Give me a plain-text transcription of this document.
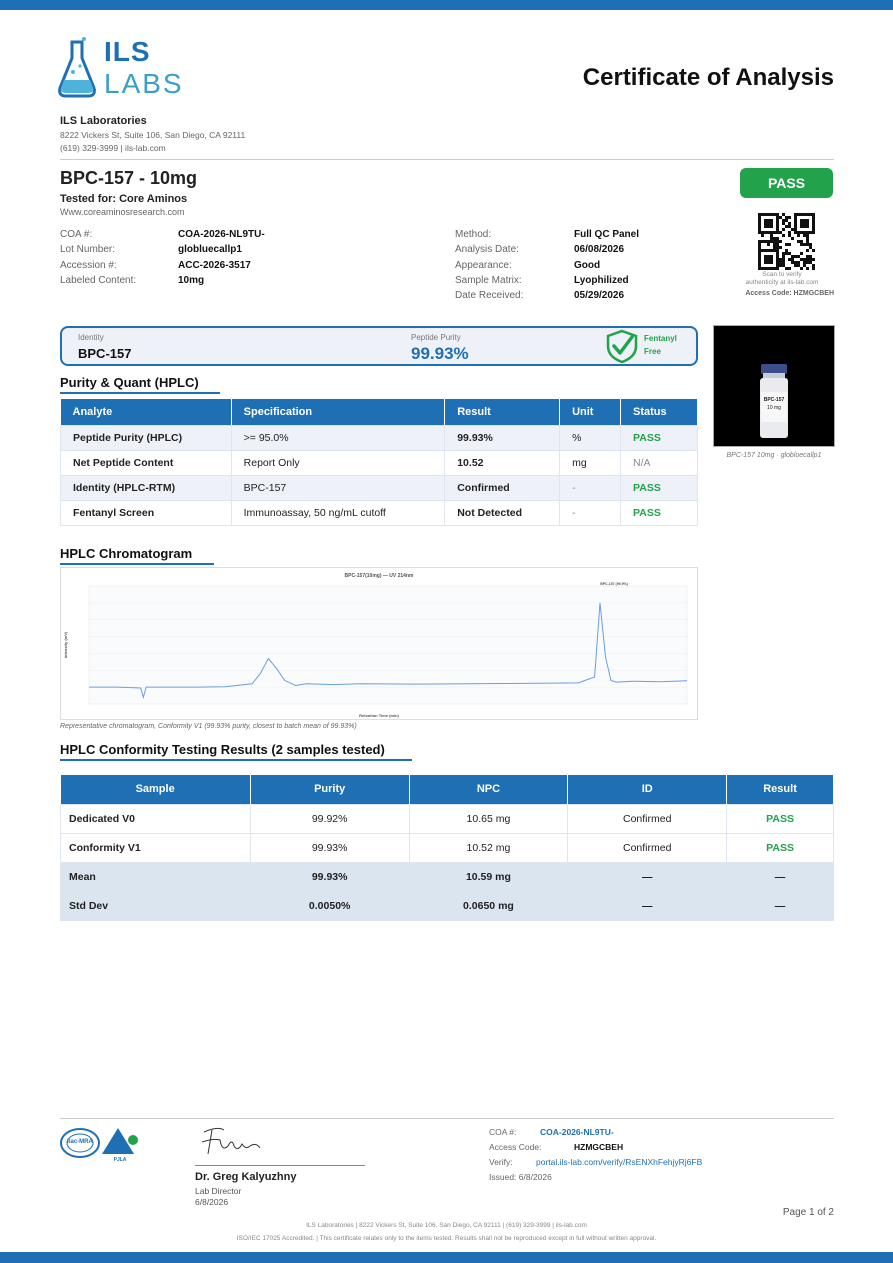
ILS
LABS	Certificate of Analysis
ILS Laboratories
8222 Vickers St, Suite 106, San Diego, CA 92111
(619) 329-3999 | ils-lab.com
BPC-157 - 10mg
Tested for: Core Aminos
Www.coreaminosresearch.com
COA #:	COA-2026-NL9TU-
Lot Number:	globluecallp1
Accession #:	ACC-2026-3517
Labeled Content:	10mg
Method:	Full QC Panel
Analysis Date:	06/08/2026
Appearance:	Good
Sample Matrix:	Lyophilized
Date Received:	05/29/2026
PASS
Scan to verify
authenticity at ils-lab.com
Access Code: HZMGCBEH
Identity
BPC-157
Peptide Purity
99.93%
Fentanyl
Free
Purity & Quant (HPLC)
Analyte	Specification	Result	Unit	Status
Peptide Purity (HPLC)	>= 95.0%	99.93%	%	PASS
Net Peptide Content	Report Only	10.52	mg	N/A
Identity (HPLC-RTM)	BPC-157	Confirmed	-	PASS
Fentanyl Screen	Immunoassay, 50 ng/mL cutoff	Not Detected	-	PASS
BPC-157
10 mg
BPC-157 10mg · globluecallp1
HPLC Chromatogram
BPC-157(10mg) — UV 214nm
Retention Time (min)
Intensity (mV)
BPC-157 (99.9%)
Representative chromatogram, Conformity V1 (99.93% purity, closest to batch mean of 99.93%)
HPLC Conformity Testing Results (2 samples tested)
Sample	Purity	NPC	ID	Result
Dedicated V0	99.92%	10.65 mg	Confirmed	PASS
Conformity V1	99.93%	10.52 mg	Confirmed	PASS
Mean	99.93%	10.59 mg	—	—
Std Dev	0.0050%	0.0650 mg	—	—
ilac-MRA
PJLA
Dr. Greg Kalyuzhny
Lab Director
6/8/2026
COA #:	COA-2026-NL9TU-
Access Code:	HZMGCBEH
Verify:	portal.ils-lab.com/verify/RsENXhFehjyRj6FB
Issued: 6/8/2026
Page 1 of 2
ILS Laboratories | 8222 Vickers St, Suite 106, San Diego, CA 92111 | (619) 329-3999 | ils-lab.com
ISO/IEC 17025 Accredited. | This certificate relates only to the items tested. Results shall not be reproduced except in full without written approval.
